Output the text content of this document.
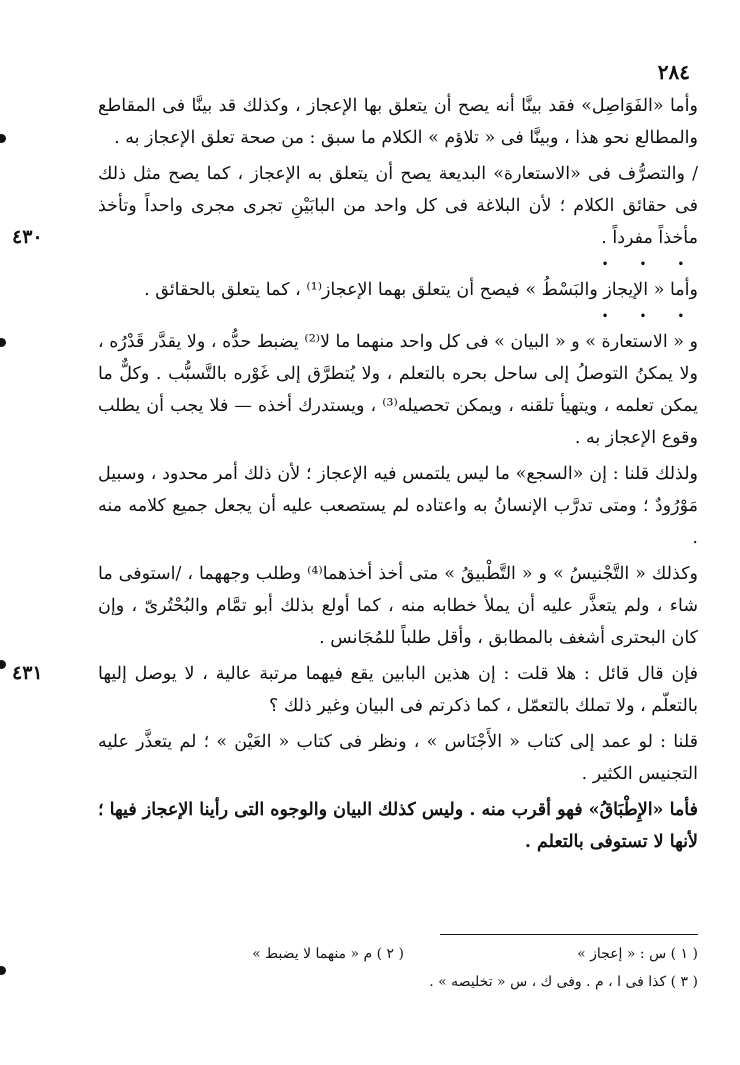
٢٨٤
٤٣٠
٤٣١

وأما «الفَوَاصِل» فقد بينَّا أنه يصح أن يتعلق بها الإعجاز ، وكذلك قد بينَّا فى المقاطع والمطالع نحو هذا ، وبينَّا فى « تلاؤم » الكلام ما سبق : من صحة تعلق الإعجاز به .

/ والتصرُّف فى «الاستعارة» البديعة يصح أن يتعلق به الإعجاز ، كما يصح مثل ذلك فى حقائق الكلام ؛ لأن البلاغة فى كل واحد من البابَيْنِ تجرى مجرى واحداً وتأخذ مأخذاً مفرداً .

• • •

وأما « الإيجاز والبَسْطُ » فيصح أن يتعلق بهما الإعجاز⁽¹⁾ ، كما يتعلق بالحقائق .

• • •

و « الاستعارة » و « البيان » فى كل واحد منهما ما لا⁽²⁾ يضبط حدُّه ، ولا يقدَّر قَدْرُه ، ولا يمكنُ التوصلُ إلى ساحل بحره بالتعلم ، ولا يُتطرَّق إلى غَوْره بالتَّسبُّب . وكلٌّ ما يمكن تعلمه ، ويتهيأ تلقنه ، ويمكن تحصيله⁽³⁾ ، ويستدرك أخذه — فلا يجب أن يطلب وقوع الإعجاز به .

ولذلك قلنا : إن «السجع» ما ليس يلتمس فيه الإعجاز ؛ لأن ذلك أمر محدود ، وسبيل مَوْرُودٌ ؛ ومتى تدرَّب الإنسانُ به واعتاده لم يستصعب عليه أن يجعل جميع كلامه منه .

وكذلك « التَّجْنيسُ » و « التَّطْبيقُ » متى أخذ أخذهما⁽⁴⁾ وطلب وجههما ، /استوفى ما شاء ، ولم يتعذَّر عليه أن يملأ خطابه منه ، كما أولع بذلك أبو تمَّام والبُحْتُرىّ ، وإن كان البحترى أشغف بالمطابق ، وأقل طلباً للمُجَانس .

فإن قال قائل : هلا قلت : إن هذين البابين يقع فيهما مرتبة عالية ، لا يوصل إليها بالتعلّم ، ولا تملك بالتعمّل ، كما ذكرتم فى البيان وغير ذلك ؟

قلنا : لو عمد إلى كتاب « الأَجْنَاس » ، ونظر فى كتاب « العَيْن » ؛ لم يتعذَّر عليه التجنيس الكثير .

فأما «الإِطْبَاقُ» فهو أقرب منه . وليس كذلك البيان والوجوه التى رأينا الإعجاز فيها ؛ لأنها لا تستوفى بالتعلم .

( ١ ) س : « إعجاز »( ٢ ) م « منهما لا يضبط »
( ٣ ) كذا فى ا ، م . وفى ك ، س « تخليصه » .
